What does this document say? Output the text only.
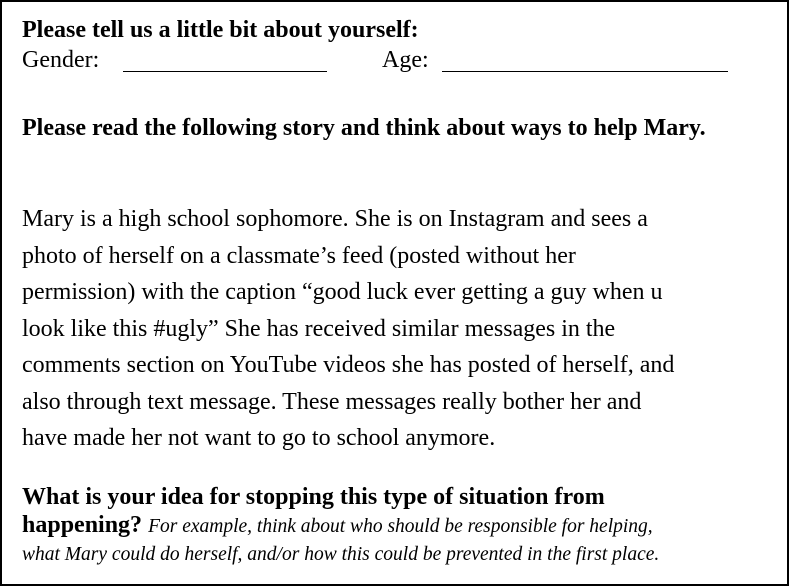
Please tell us a little bit about yourself:
Gender:	Age:
Please read the following story and think about ways to help Mary.
Mary is a high school sophomore. She is on Instagram and sees a
photo of herself on a classmate’s feed (posted without her
permission) with the caption “good luck ever getting a guy when u
look like this #ugly” She has received similar messages in the
comments section on YouTube videos she has posted of herself, and
also through text message. These messages really bother her and
have made her not want to go to school anymore.
What is your idea for stopping this type of situation from
happening? For example, think about who should be responsible for helping,
what Mary could do herself, and/or how this could be prevented in the first place.
